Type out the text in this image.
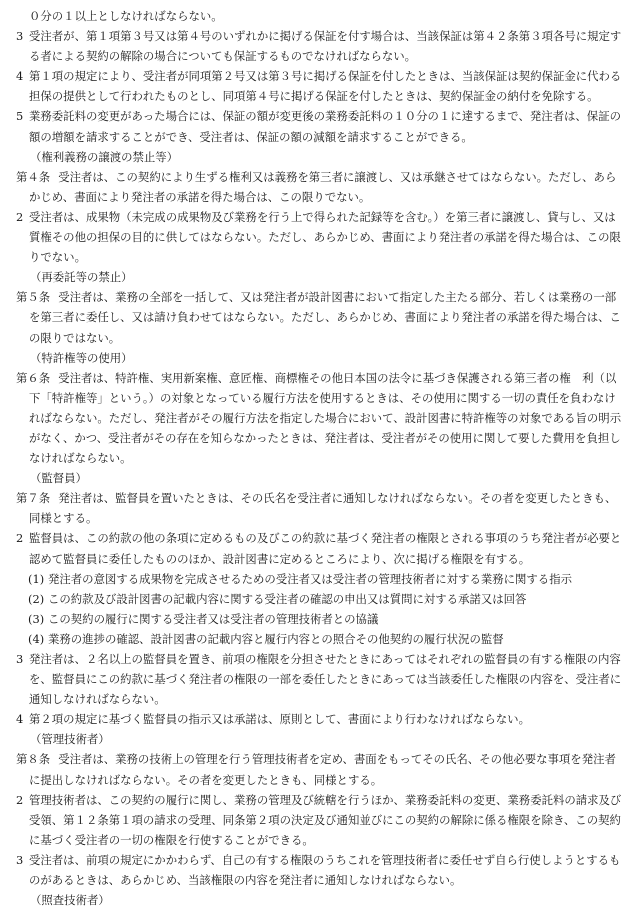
０分の１以上としなければならない。

3 受注者が、第１項第３号又は第４号のいずれかに掲げる保証を付す場合は、当該保証は第４２条第３項各号に規定する者による契約の解除の場合についても保証するものでなければならない。

4 第１項の規定により、受注者が同項第２号又は第３号に掲げる保証を付したときは、当該保証は契約保証金に代わる担保の提供として行われたものとし、同項第４号に掲げる保証を付したときは、契約保証金の納付を免除する。

5 業務委託料の変更があった場合には、保証の額が変更後の業務委託料の１０分の１に達するまで、発注者は、保証の額の増額を請求することができ、受注者は、保証の額の減額を請求することができる。

（権利義務の譲渡の禁止等）

第４条 受注者は、この契約により生ずる権利又は義務を第三者に譲渡し、又は承継させてはならない。ただし、あらかじめ、書面により発注者の承諾を得た場合は、この限りでない。

2 受注者は、成果物（未完成の成果物及び業務を行う上で得られた記録等を含む。）を第三者に譲渡し、貸与し、又は質権その他の担保の目的に供してはならない。ただし、あらかじめ、書面により発注者の承諾を得た場合は、この限りでない。

（再委託等の禁止）

第５条 受注者は、業務の全部を一括して、又は発注者が設計図書において指定した主たる部分、若しくは業務の一部を第三者に委任し、又は請け負わせてはならない。ただし、あらかじめ、書面により発注者の承諾を得た場合は、この限りではない。

（特許権等の使用）

第６条 受注者は、特許権、実用新案権、意匠権、商標権その他日本国の法令に基づき保護される第三者の権　利（以下「特許権等」という。）の対象となっている履行方法を使用するときは、その使用に関する一切の責任を負わなければならない。ただし、発注者がその履行方法を指定した場合において、設計図書に特許権等の対象である旨の明示がなく、かつ、受注者がその存在を知らなかったときは、発注者は、受注者がその使用に関して要した費用を負担しなければならない。

（監督員）

第７条 発注者は、監督員を置いたときは、その氏名を受注者に通知しなければならない。その者を変更したときも、同様とする。

2 監督員は、この約款の他の条項に定めるもの及びこの約款に基づく発注者の権限とされる事項のうち発注者が必要と認めて監督員に委任したもののほか、設計図書に定めるところにより、次に掲げる権限を有する。

(1) 発注者の意図する成果物を完成させるための受注者又は受注者の管理技術者に対する業務に関する指示

(2) この約款及び設計図書の記載内容に関する受注者の確認の申出又は質問に対する承諾又は回答

(3) この契約の履行に関する受注者又は受注者の管理技術者との協議

(4) 業務の進捗の確認、設計図書の記載内容と履行内容との照合その他契約の履行状況の監督

3 発注者は、２名以上の監督員を置き、前項の権限を分担させたときにあってはそれぞれの監督員の有する権限の内容を、監督員にこの約款に基づく発注者の権限の一部を委任したときにあっては当該委任した権限の内容を、受注者に通知しなければならない。

4 第２項の規定に基づく監督員の指示又は承諾は、原則として、書面により行わなければならない。

（管理技術者）

第８条 受注者は、業務の技術上の管理を行う管理技術者を定め、書面をもってその氏名、その他必要な事項を発注者に提出しなければならない。その者を変更したときも、同様とする。

2 管理技術者は、この契約の履行に関し、業務の管理及び統轄を行うほか、業務委託料の変更、業務委託料の請求及び受領、第１２条第１項の請求の受理、同条第２項の決定及び通知並びにこの契約の解除に係る権限を除き、この契約に基づく受注者の一切の権限を行使することができる。

3 受注者は、前項の規定にかかわらず、自己の有する権限のうちこれを管理技術者に委任せず自ら行使しようとするものがあるときは、あらかじめ、当該権限の内容を発注者に通知しなければならない。

（照査技術者）
